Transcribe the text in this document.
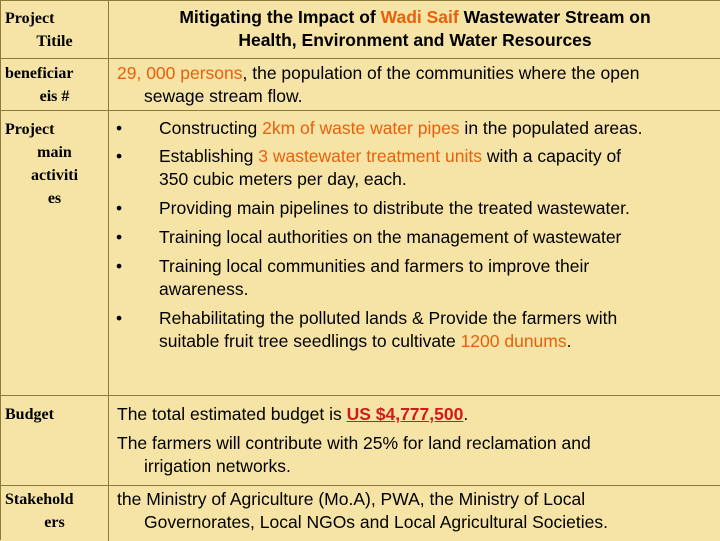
Project
Titile
Mitigating the Impact of Wadi Saif Wastewater Stream on
Health, Environment and Water Resources
beneficiar
eis #
29, 000 persons, the population of the communities where the open
sewage stream flow.
Project
main
activiti
es
• Constructing 2km of waste water pipes in the populated areas.
• Establishing 3 wastewater treatment units with a capacity of
350 cubic meters per day, each.
• Providing main pipelines to distribute the treated wastewater.
• Training local authorities on the management of wastewater
• Training local communities and farmers to improve their
awareness.
• Rehabilitating the polluted lands & Provide the farmers with
suitable fruit tree seedlings to cultivate 1200 dunums.
Budget	The total estimated budget is US $4,777,500.
The farmers will contribute with 25% for land reclamation and
irrigation networks.
Stakehold
ers
the Ministry of Agriculture (Mo.A), PWA, the Ministry of Local
Governorates, Local NGOs and Local Agricultural Societies.
